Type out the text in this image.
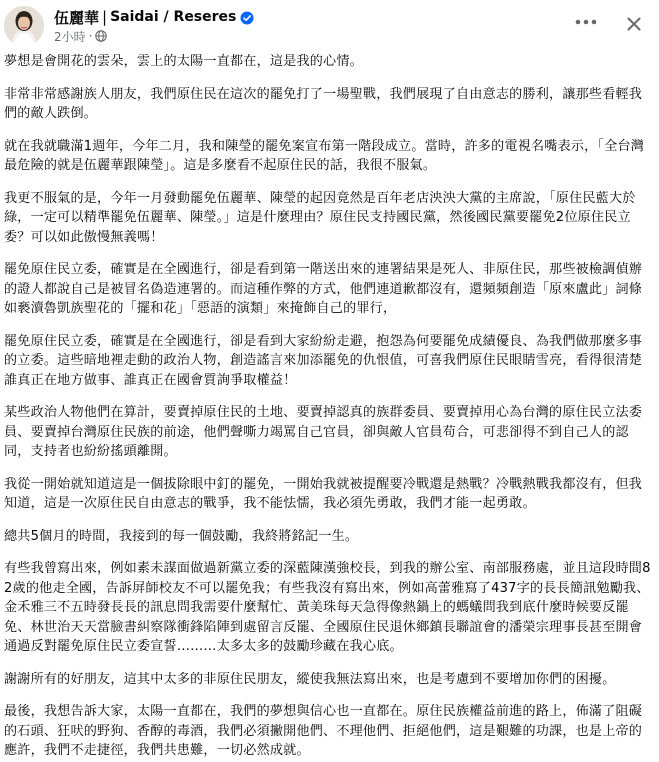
伍麗華 | Saidai / Reseres
2小時 ·

夢想是會開花的雲朵，雲上的太陽一直都在，這是我的心情。

非常非常感謝族人朋友，我們原住民在這次的罷免打了一場聖戰，我們展現了自由意志的勝利，讓那些看輕我們的敵人跌倒。

就在我就職滿1週年，今年二月，我和陳瑩的罷免案宣布第一階段成立。當時，許多的電視名嘴表示，「全台灣最危險的就是伍麗華跟陳瑩」。這是多麼看不起原住民的話，我很不服氣。

我更不服氣的是，今年一月發動罷免伍麗華、陳瑩的起因竟然是百年老店泱泱大黨的主席說，「原住民藍大於綠，一定可以精準罷免伍麗華、陳瑩。」這是什麼理由？原住民支持國民黨，然後國民黨要罷免2位原住民立委？可以如此傲慢無義嗎！

罷免原住民立委，確實是在全國進行，卻是看到第一階送出來的連署結果是死人、非原住民，那些被檢調偵辦的證人都說自己是被冒名偽造連署的。而這種作弊的方式，他們連道歉都沒有，還頻頻創造「原來盧此」詞條如褻瀆魯凱族聖花的「擺和花」「惡語的演類」來掩飾自己的罪行，

罷免原住民立委，確實是在全國進行，卻是看到大家紛紛走避，抱怨為何要罷免成績優良、為我們做那麼多事的立委。這些暗地裡走動的政治人物，創造謠言來加添罷免的仇恨值，可喜我們原住民眼睛雪亮，看得很清楚誰真正在地方做事、誰真正在國會質詢爭取權益！

某些政治人物他們在算計，要賣掉原住民的土地、要賣掉認真的族群委員、要賣掉用心為台灣的原住民立法委員、要賣掉台灣原住民族的前途，他們聲嘶力竭罵自己官員，卻與敵人官員苟合，可悲卻得不到自己人的認同，支持者也紛紛搖頭離開。

我從一開始就知道這是一個拔除眼中釘的罷免，一開始我就被提醒要冷戰還是熱戰？冷戰熱戰我都沒有，但我知道，這是一次原住民自由意志的戰爭，我不能怯懦，我必須先勇敢，我們才能一起勇敢。

總共5個月的時間，我接到的每一個鼓勵，我終將銘記一生。

有些我曾寫出來，例如素未謀面做過新黨立委的深藍陳漢強校長，到我的辦公室、南部服務處，並且這段時間82歲的他走全國，告訴屏師校友不可以罷免我；有些我沒有寫出來，例如高蕾雅寫了437字的長長簡訊勉勵我、金禾雅三不五時發長長的訊息問我需要什麼幫忙、黃美珠每天急得像熱鍋上的螞蟻問我到底什麼時候要反罷免、林世治天天當臉書糾察隊衝鋒陷陣到處留言反罷、全國原住民退休鄉鎮長聯誼會的潘榮宗理事長甚至開會通過反對罷免原住民立委宣誓………太多太多的鼓勵珍藏在我心底。

謝謝所有的好朋友，這其中太多的非原住民朋友，縱使我無法寫出來，也是考慮到不要增加你們的困擾。

最後，我想告訴大家，太陽一直都在，我們的夢想與信心也一直都在。原住民族權益前進的路上，佈滿了阻礙的石頭、狂吠的野狗、香醇的毒酒，我們必須撇開他們、不理他們、拒絕他們，這是艱難的功課，也是上帝的應許，我們不走捷徑，我們共患難，一切必然成就。
